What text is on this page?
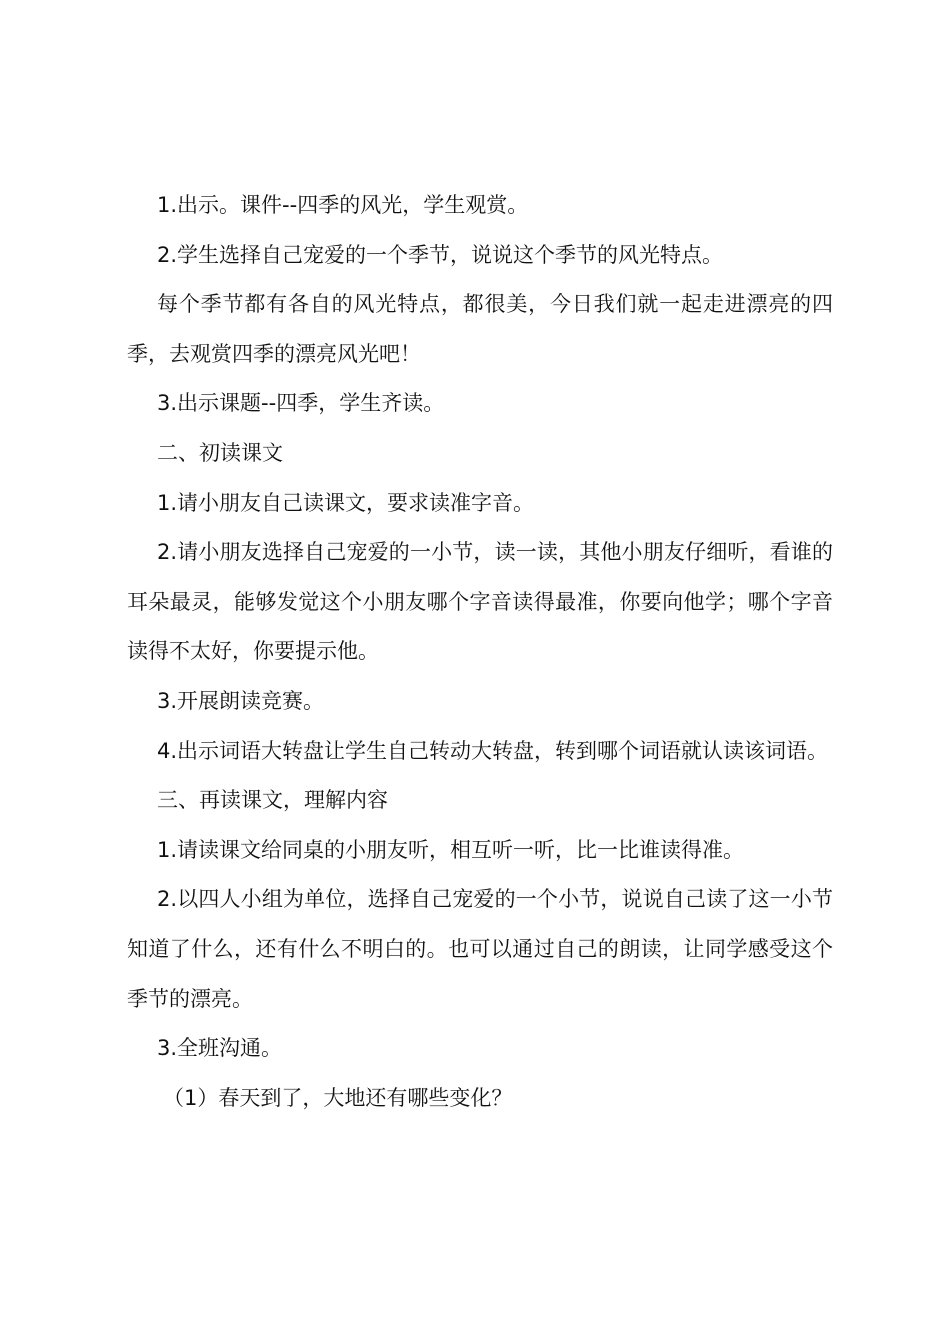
1.出示。课件--四季的风光，学生观赏。

2.学生选择自己宠爱的一个季节，说说这个季节的风光特点。

每个季节都有各自的风光特点，都很美，今日我们就一起走进漂亮的四季，去观赏四季的漂亮风光吧！

3.出示课题--四季，学生齐读。

二、初读课文

1.请小朋友自己读课文，要求读准字音。

2.请小朋友选择自己宠爱的一小节，读一读，其他小朋友仔细听，看谁的耳朵最灵，能够发觉这个小朋友哪个字音读得最准，你要向他学；哪个字音读得不太好，你要提示他。

3.开展朗读竞赛。

4.出示词语大转盘让学生自己转动大转盘，转到哪个词语就认读该词语。

三、再读课文，理解内容

1.请读课文给同桌的小朋友听，相互听一听，比一比谁读得准。

2.以四人小组为单位，选择自己宠爱的一个小节，说说自己读了这一小节知道了什么，还有什么不明白的。也可以通过自己的朗读，让同学感受这个季节的漂亮。

3.全班沟通。

（1）春天到了，大地还有哪些变化？
